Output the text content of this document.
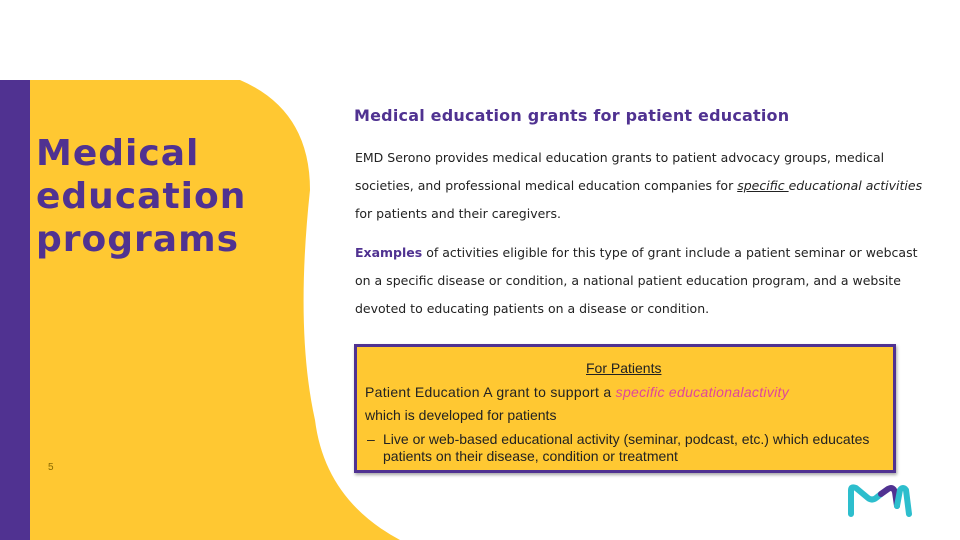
Medical
education
programs
5
Medical education grants for patient education

EMD Serono provides medical education grants to patient advocacy groups, medical societies, and professional medical education companies for specific educational activities for patients and their caregivers.

Examples of activities eligible for this type of grant include a patient seminar or webcast on a specific disease or condition, a national patient education program, and a website devoted to educating patients on a disease or condition.

For Patients
Patient Education A grant to support a specific educationalactivity
which is developed for patients
– Live or web-based educational activity (seminar, podcast, etc.) which educates patients on their disease, condition or treatment
